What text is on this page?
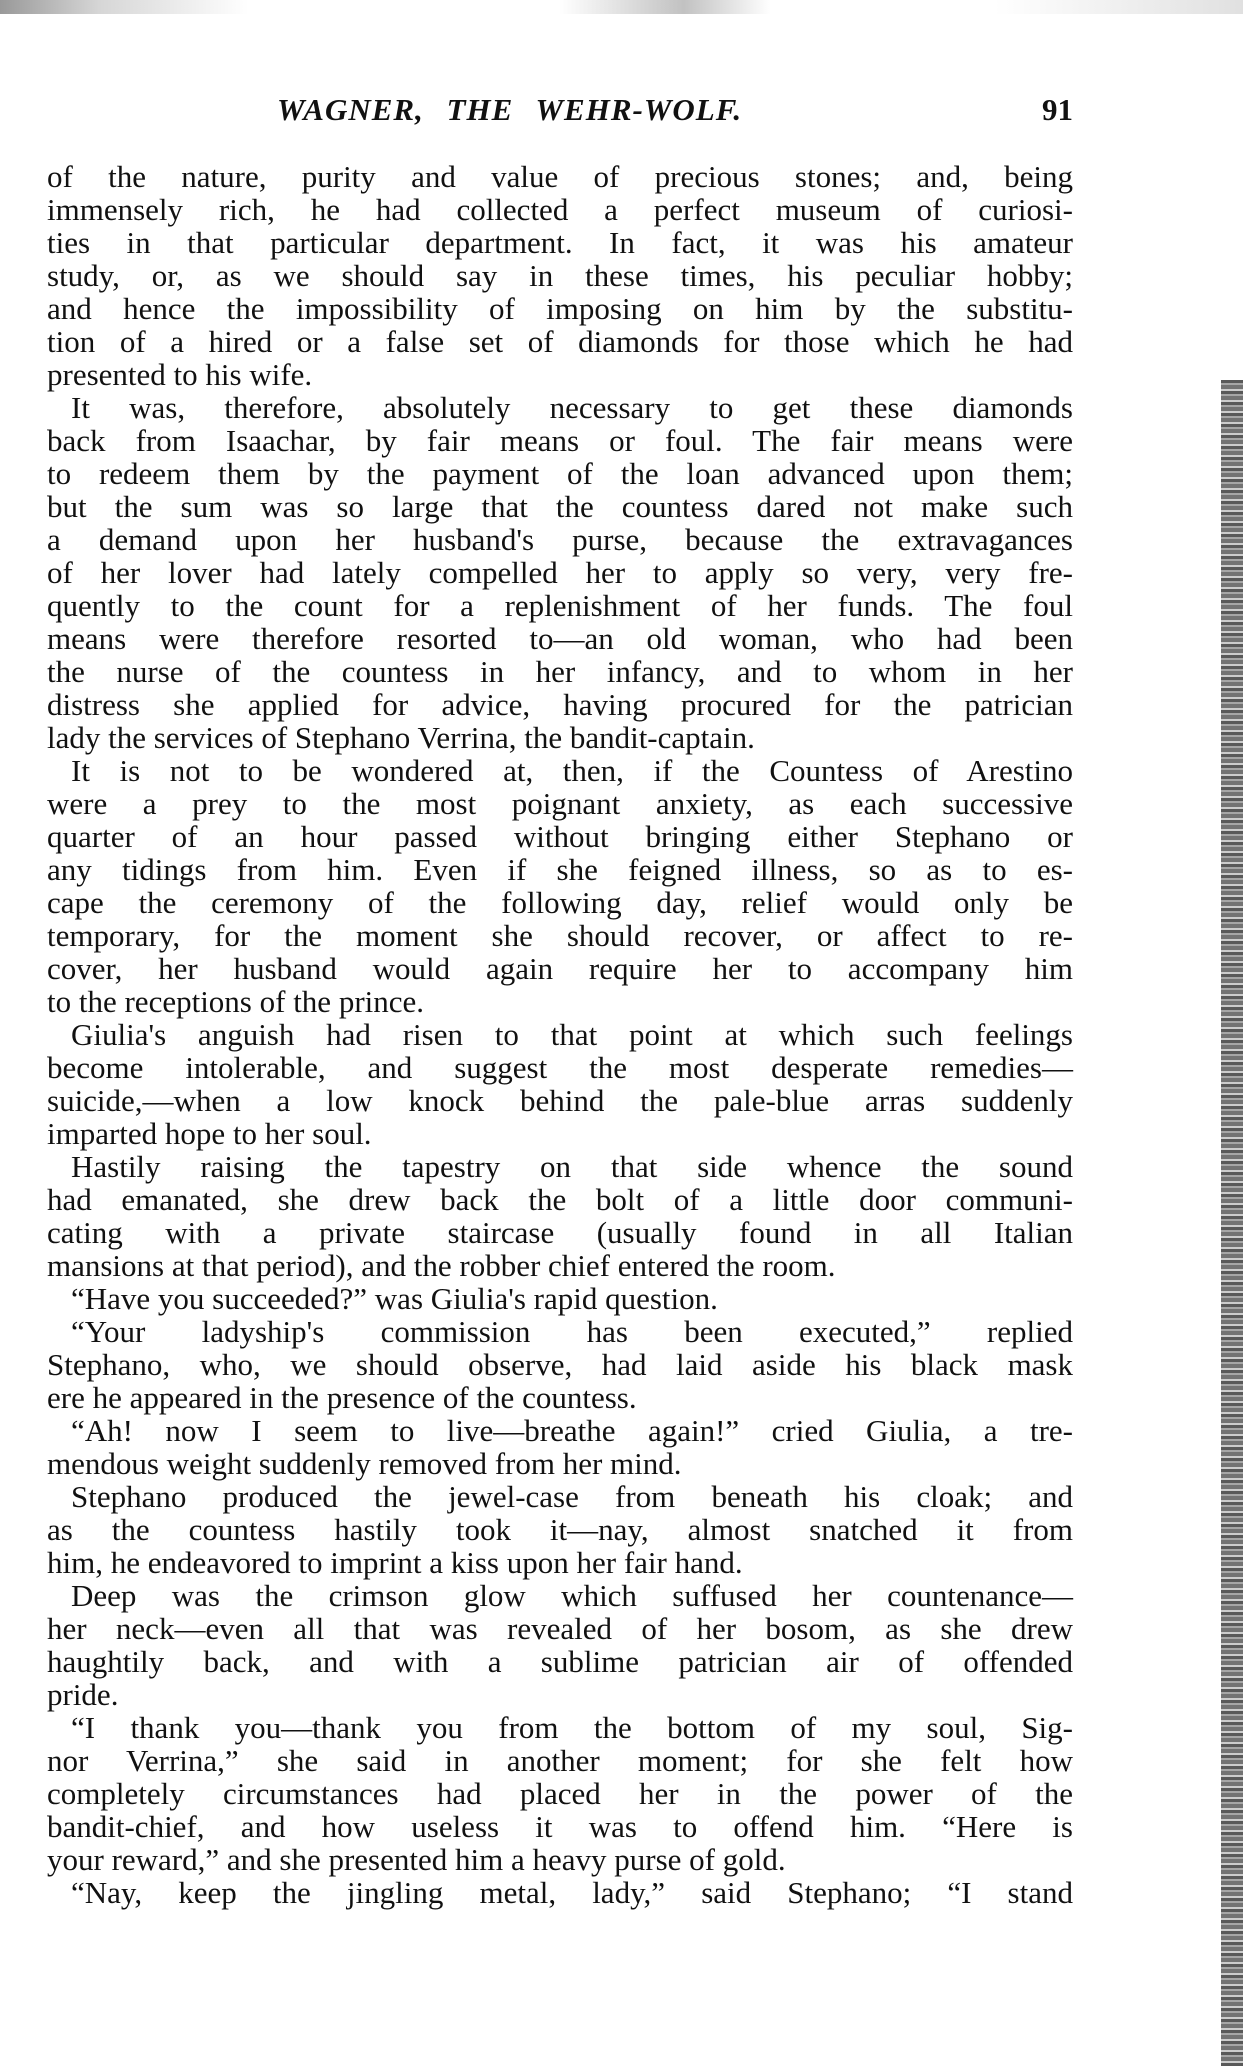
WAGNER, THE WEHR-WOLF.	91
of the nature, purity and value of precious stones; and, being
immensely rich, he had collected a perfect museum of curiosi-
ties in that particular department. In fact, it was his amateur
study, or, as we should say in these times, his peculiar hobby;
and hence the impossibility of imposing on him by the substitu-
tion of a hired or a false set of diamonds for those which he had
presented to his wife.
It was, therefore, absolutely necessary to get these diamonds
back from Isaachar, by fair means or foul. The fair means were
to redeem them by the payment of the loan advanced upon them;
but the sum was so large that the countess dared not make such
a demand upon her husband's purse, because the extravagances
of her lover had lately compelled her to apply so very, very fre-
quently to the count for a replenishment of her funds. The foul
means were therefore resorted to—an old woman, who had been
the nurse of the countess in her infancy, and to whom in her
distress she applied for advice, having procured for the patrician
lady the services of Stephano Verrina, the bandit-captain.
It is not to be wondered at, then, if the Countess of Arestino
were a prey to the most poignant anxiety, as each successive
quarter of an hour passed without bringing either Stephano or
any tidings from him. Even if she feigned illness, so as to es-
cape the ceremony of the following day, relief would only be
temporary, for the moment she should recover, or affect to re-
cover, her husband would again require her to accompany him
to the receptions of the prince.
Giulia's anguish had risen to that point at which such feelings
become intolerable, and suggest the most desperate remedies—
suicide,—when a low knock behind the pale-blue arras suddenly
imparted hope to her soul.
Hastily raising the tapestry on that side whence the sound
had emanated, she drew back the bolt of a little door communi-
cating with a private staircase (usually found in all Italian
mansions at that period), and the robber chief entered the room.
“Have you succeeded?” was Giulia's rapid question.
“Your ladyship's commission has been executed,” replied
Stephano, who, we should observe, had laid aside his black mask
ere he appeared in the presence of the countess.
“Ah! now I seem to live—breathe again!” cried Giulia, a tre-
mendous weight suddenly removed from her mind.
Stephano produced the jewel-case from beneath his cloak; and
as the countess hastily took it—nay, almost snatched it from
him, he endeavored to imprint a kiss upon her fair hand.
Deep was the crimson glow which suffused her countenance—
her neck—even all that was revealed of her bosom, as she drew
haughtily back, and with a sublime patrician air of offended
pride.
“I thank you—thank you from the bottom of my soul, Sig-
nor Verrina,” she said in another moment; for she felt how
completely circumstances had placed her in the power of the
bandit-chief, and how useless it was to offend him. “Here is
your reward,” and she presented him a heavy purse of gold.
“Nay, keep the jingling metal, lady,” said Stephano; “I stand
